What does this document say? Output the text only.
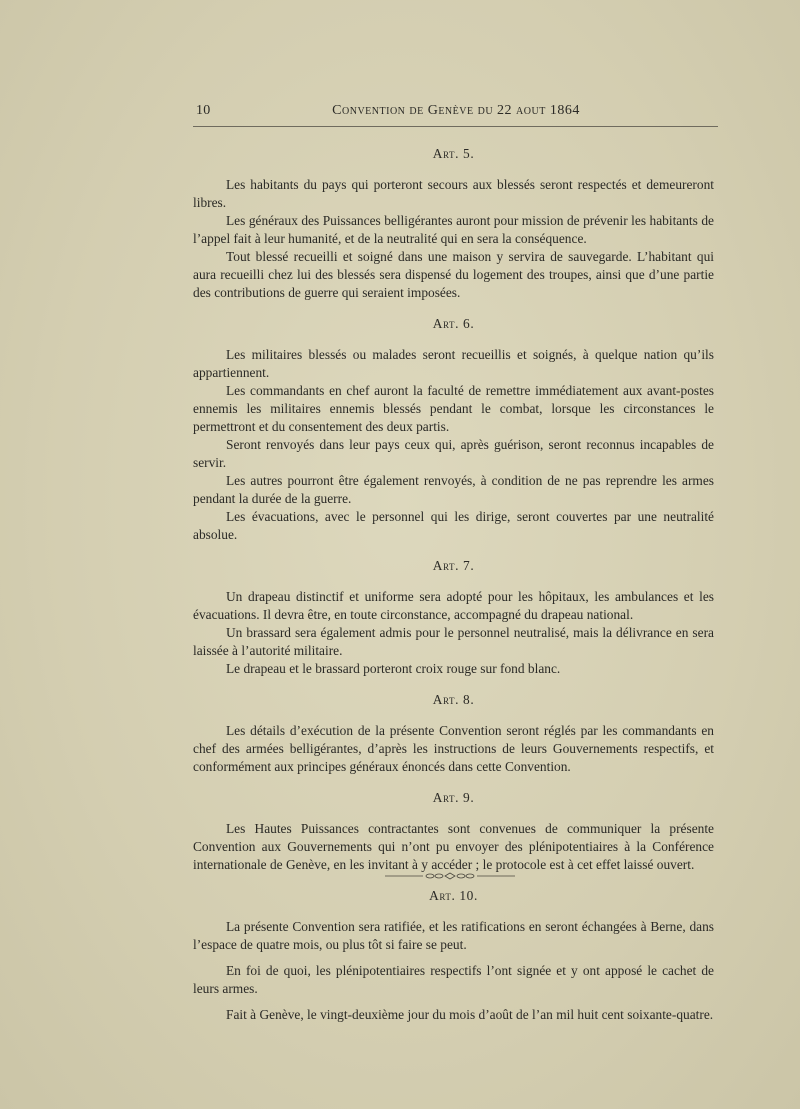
10	Convention de Genève du 22 aout 1864
Art. 5.

Les habitants du pays qui porteront secours aux blessés seront respectés et demeureront libres.

Les généraux des Puissances belligérantes auront pour mission de prévenir les habitants de l’appel fait à leur humanité, et de la neutralité qui en sera la conséquence.

Tout blessé recueilli et soigné dans une maison y servira de sauvegarde. L’habitant qui aura recueilli chez lui des blessés sera dispensé du logement des troupes, ainsi que d’une partie des contributions de guerre qui seraient imposées.

Art. 6.

Les militaires blessés ou malades seront recueillis et soignés, à quelque nation qu’ils appartiennent.

Les commandants en chef auront la faculté de remettre immédiatement aux avant-postes ennemis les militaires ennemis blessés pendant le combat, lorsque les circonstances le permettront et du consentement des deux partis.

Seront renvoyés dans leur pays ceux qui, après guérison, seront reconnus incapables de servir.

Les autres pourront être également renvoyés, à condition de ne pas reprendre les armes pendant la durée de la guerre.

Les évacuations, avec le personnel qui les dirige, seront couvertes par une neutralité absolue.

Art. 7.

Un drapeau distinctif et uniforme sera adopté pour les hôpitaux, les ambulances et les évacuations. Il devra être, en toute circonstance, accompagné du drapeau national.

Un brassard sera également admis pour le personnel neutralisé, mais la délivrance en sera laissée à l’autorité militaire.

Le drapeau et le brassard porteront croix rouge sur fond blanc.

Art. 8.

Les détails d’exécution de la présente Convention seront réglés par les commandants en chef des armées belligérantes, d’après les instructions de leurs Gouvernements respectifs, et conformément aux principes généraux énoncés dans cette Convention.

Art. 9.

Les Hautes Puissances contractantes sont convenues de communiquer la présente Convention aux Gouvernements qui n’ont pu envoyer des plénipotentiaires à la Conférence internationale de Genève, en les invitant à y accéder ; le protocole est à cet effet laissé ouvert.

Art. 10.

La présente Convention sera ratifiée, et les ratifications en seront échangées à Berne, dans l’espace de quatre mois, ou plus tôt si faire se peut.

En foi de quoi, les plénipotentiaires respectifs l’ont signée et y ont apposé le cachet de leurs armes.

Fait à Genève, le vingt-deuxième jour du mois d’août de l’an mil huit cent soixante-quatre.
